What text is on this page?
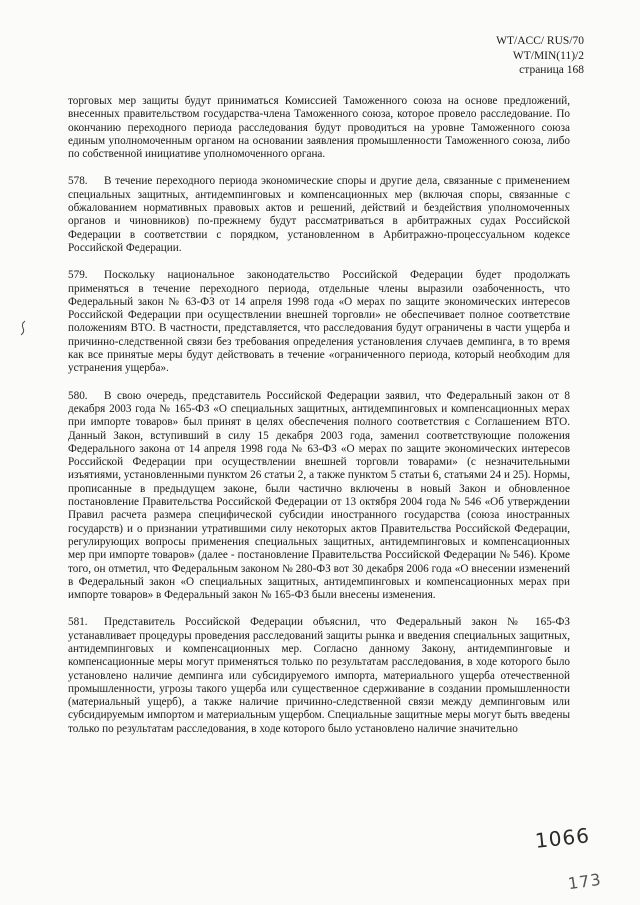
WT/ACC/ RUS/70
WT/MIN(11)/2
страница 168

торговых мер защиты будут приниматься Комиссией Таможенного союза на основе предложений, внесенных правительством государства-члена Таможенного союза, которое провело расследование. По окончанию переходного периода расследования будут проводиться на уровне Таможенного союза единым уполномоченным органом на основании заявления промышленности Таможенного союза, либо по собственной инициативе уполномоченного органа.

578. В течение переходного периода экономические споры и другие дела, связанные с применением специальных защитных, антидемпинговых и компенсационных мер (включая споры, связанные с обжалованием нормативных правовых актов и решений, действий и бездействия уполномоченных органов и чиновников) по-прежнему будут рассматриваться в арбитражных судах Российской Федерации в соответствии с порядком, установленном в Арбитражно-процессуальном кодексе Российской Федерации.

579. Поскольку национальное законодательство Российской Федерации будет продолжать применяться в течение переходного периода, отдельные члены выразили озабоченность, что Федеральный закон № 63-ФЗ от 14 апреля 1998 года «О мерах по защите экономических интересов Российской Федерации при осуществлении внешней торговли» не обеспечивает полное соответствие положениям ВТО. В частности, представляется, что расследования будут ограничены в части ущерба и причинно-следственной связи без требования определения установления случаев демпинга, в то время как все принятые меры будут действовать в течение «ограниченного периода, который необходим для устранения ущерба».

580. В свою очередь, представитель Российской Федерации заявил, что Федеральный закон от 8 декабря 2003 года № 165-ФЗ «О специальных защитных, антидемпинговых и компенсационных мерах при импорте товаров» был принят в целях обеспечения полного соответствия с Соглашением ВТО. Данный Закон, вступивший в силу 15 декабря 2003 года, заменил соответствующие положения Федерального закона от 14 апреля 1998 года № 63-ФЗ «О мерах по защите экономических интересов Российской Федерации при осуществлении внешней торговли товарами» (с незначительными изъятиями, установленными пунктом 26 статьи 2, а также пунктом 5 статьи 6, статьями 24 и 25). Нормы, прописанные в предыдущем законе, были частично включены в новый Закон и обновленное постановление Правительства Российской Федерации от 13 октября 2004 года № 546 «Об утверждении Правил расчета размера специфической субсидии иностранного государства (союза иностранных государств) и о признании утратившими силу некоторых актов Правительства Российской Федерации, регулирующих вопросы применения специальных защитных, антидемпинговых и компенсационных мер при импорте товаров» (далее - постановление Правительства Российской Федерации № 546). Кроме того, он отметил, что Федеральным законом № 280-ФЗ вот 30 декабря 2006 года «О внесении изменений в Федеральный закон «О специальных защитных, антидемпинговых и компенсационных мерах при импорте товаров» в Федеральный закон № 165-ФЗ были внесены изменения.

581. Представитель Российской Федерации объяснил, что Федеральный закон № 165-ФЗ устанавливает процедуры проведения расследований защиты рынка и введения специальных защитных, антидемпинговых и компенсационных мер. Согласно данному Закону, антидемпинговые и компенсационные меры могут применяться только по результатам расследования, в ходе которого было установлено наличие демпинга или субсидируемого импорта, материального ущерба отечественной промышленности, угрозы такого ущерба или существенное сдерживание в создании промышленности (материальный ущерб), а также наличие причинно-следственной связи между демпинговым или субсидируемым импортом и материальным ущербом. Специальные защитные меры могут быть введены только по результатам расследования, в ходе которого было установлено наличие значительно

1066
173
